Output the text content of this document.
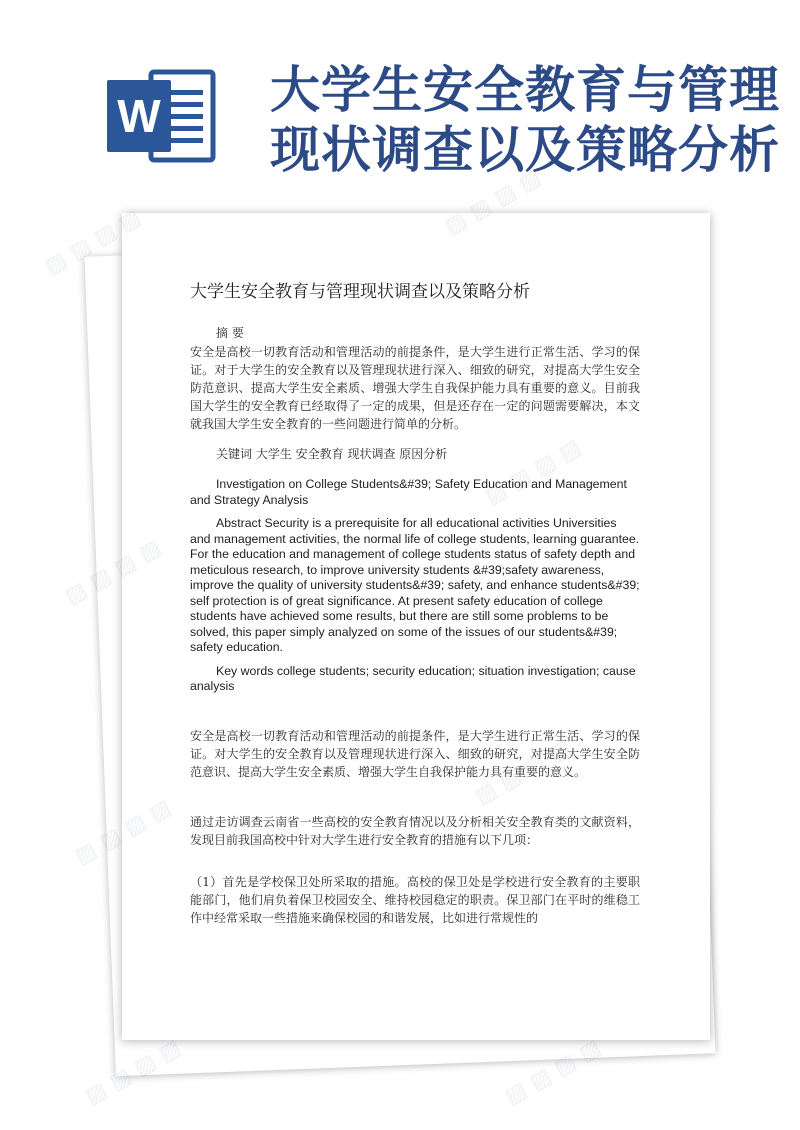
W 大学生安全教育与管理
现状调查以及策略分析
大学生安全教育与管理现状调查以及策略分析

摘 要

安全是高校一切教育活动和管理活动的前提条件，是大学生进行正常生活、学习的保证。对于大学生的安全教育以及管理现状进行深入、细致的研究，对提高大学生安全防范意识、提高大学生安全素质、增强大学生自我保护能力具有重要的意义。目前我国大学生的安全教育已经取得了一定的成果，但是还存在一定的问题需要解决，本文就我国大学生安全教育的一些问题进行简单的分析。

关键词 大学生 安全教育 现状调查 原因分析

Investigation on College Students&#39; Safety Education and Management and Strategy Analysis

Abstract Security is a prerequisite for all educational activities Universities and management activities, the normal life of college students, learning guarantee. For the education and management of college students status of safety depth and meticulous research, to improve university students &#39;safety awareness, improve the quality of university students&#39; safety, and enhance students&#39; self protection is of great significance. At present safety education of college students have achieved some results, but there are still some problems to be solved, this paper simply analyzed on some of the issues of our students&#39; safety education.

Key words college students; security education; situation investigation; cause analysis

安全是高校一切教育活动和管理活动的前提条件，是大学生进行正常生活、学习的保证。对大学生的安全教育以及管理现状进行深入、细致的研究，对提高大学生安全防范意识、提高大学生安全素质、增强大学生自我保护能力具有重要的意义。

通过走访调查云南省一些高校的安全教育情况以及分析相关安全教育类的文献资料，发现目前我国高校中针对大学生进行安全教育的措施有以下几项：

（1）首先是学校保卫处所采取的措施。高校的保卫处是学校进行安全教育的主要职能部门，他们肩负着保卫校园安全、维持校园稳定的职责。保卫部门在平时的维稳工作中经常采取一些措施来确保校园的和谐发展，比如进行常规性的

▨ ▨ ▨ ▨
▨ ▨ ▨ ▨
▨
▨
▨ ▨	▨ ▨ ▨ ▨
